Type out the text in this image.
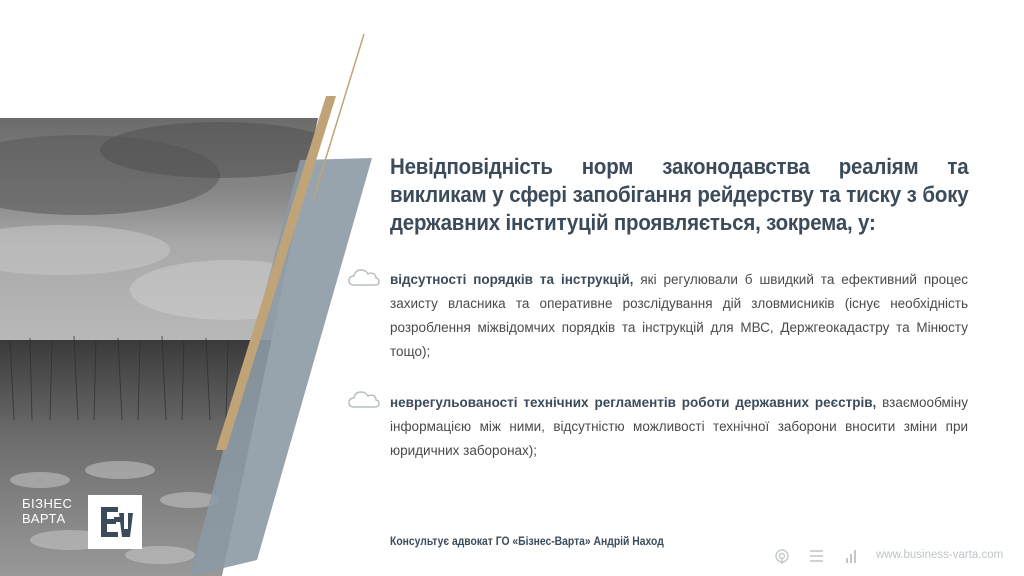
БІЗНЕС
ВАРТА
Невідповідність норм законодавства реаліям та викликам у сфері запобігання рейдерству та тиску з боку державних інституцій проявляється, зокрема, у:
відсутності порядків та інструкцій, які регулювали б швидкий та ефективний процес захисту власника та оперативне розслідування дій зловмисників (існує необхідність розроблення міжвідомчих порядків та інструкцій для МВС, Держгеокадастру та Мінюсту тощо);
неврегульованості технічних регламентів роботи державних реєстрів, взаємообміну інформацією між ними, відсутністю можливості технічної заборони вносити зміни при юридичних заборонах);
Консультує адвокат ГО «Бізнес-Варта» Андрій Наход
www.business-varta.com
